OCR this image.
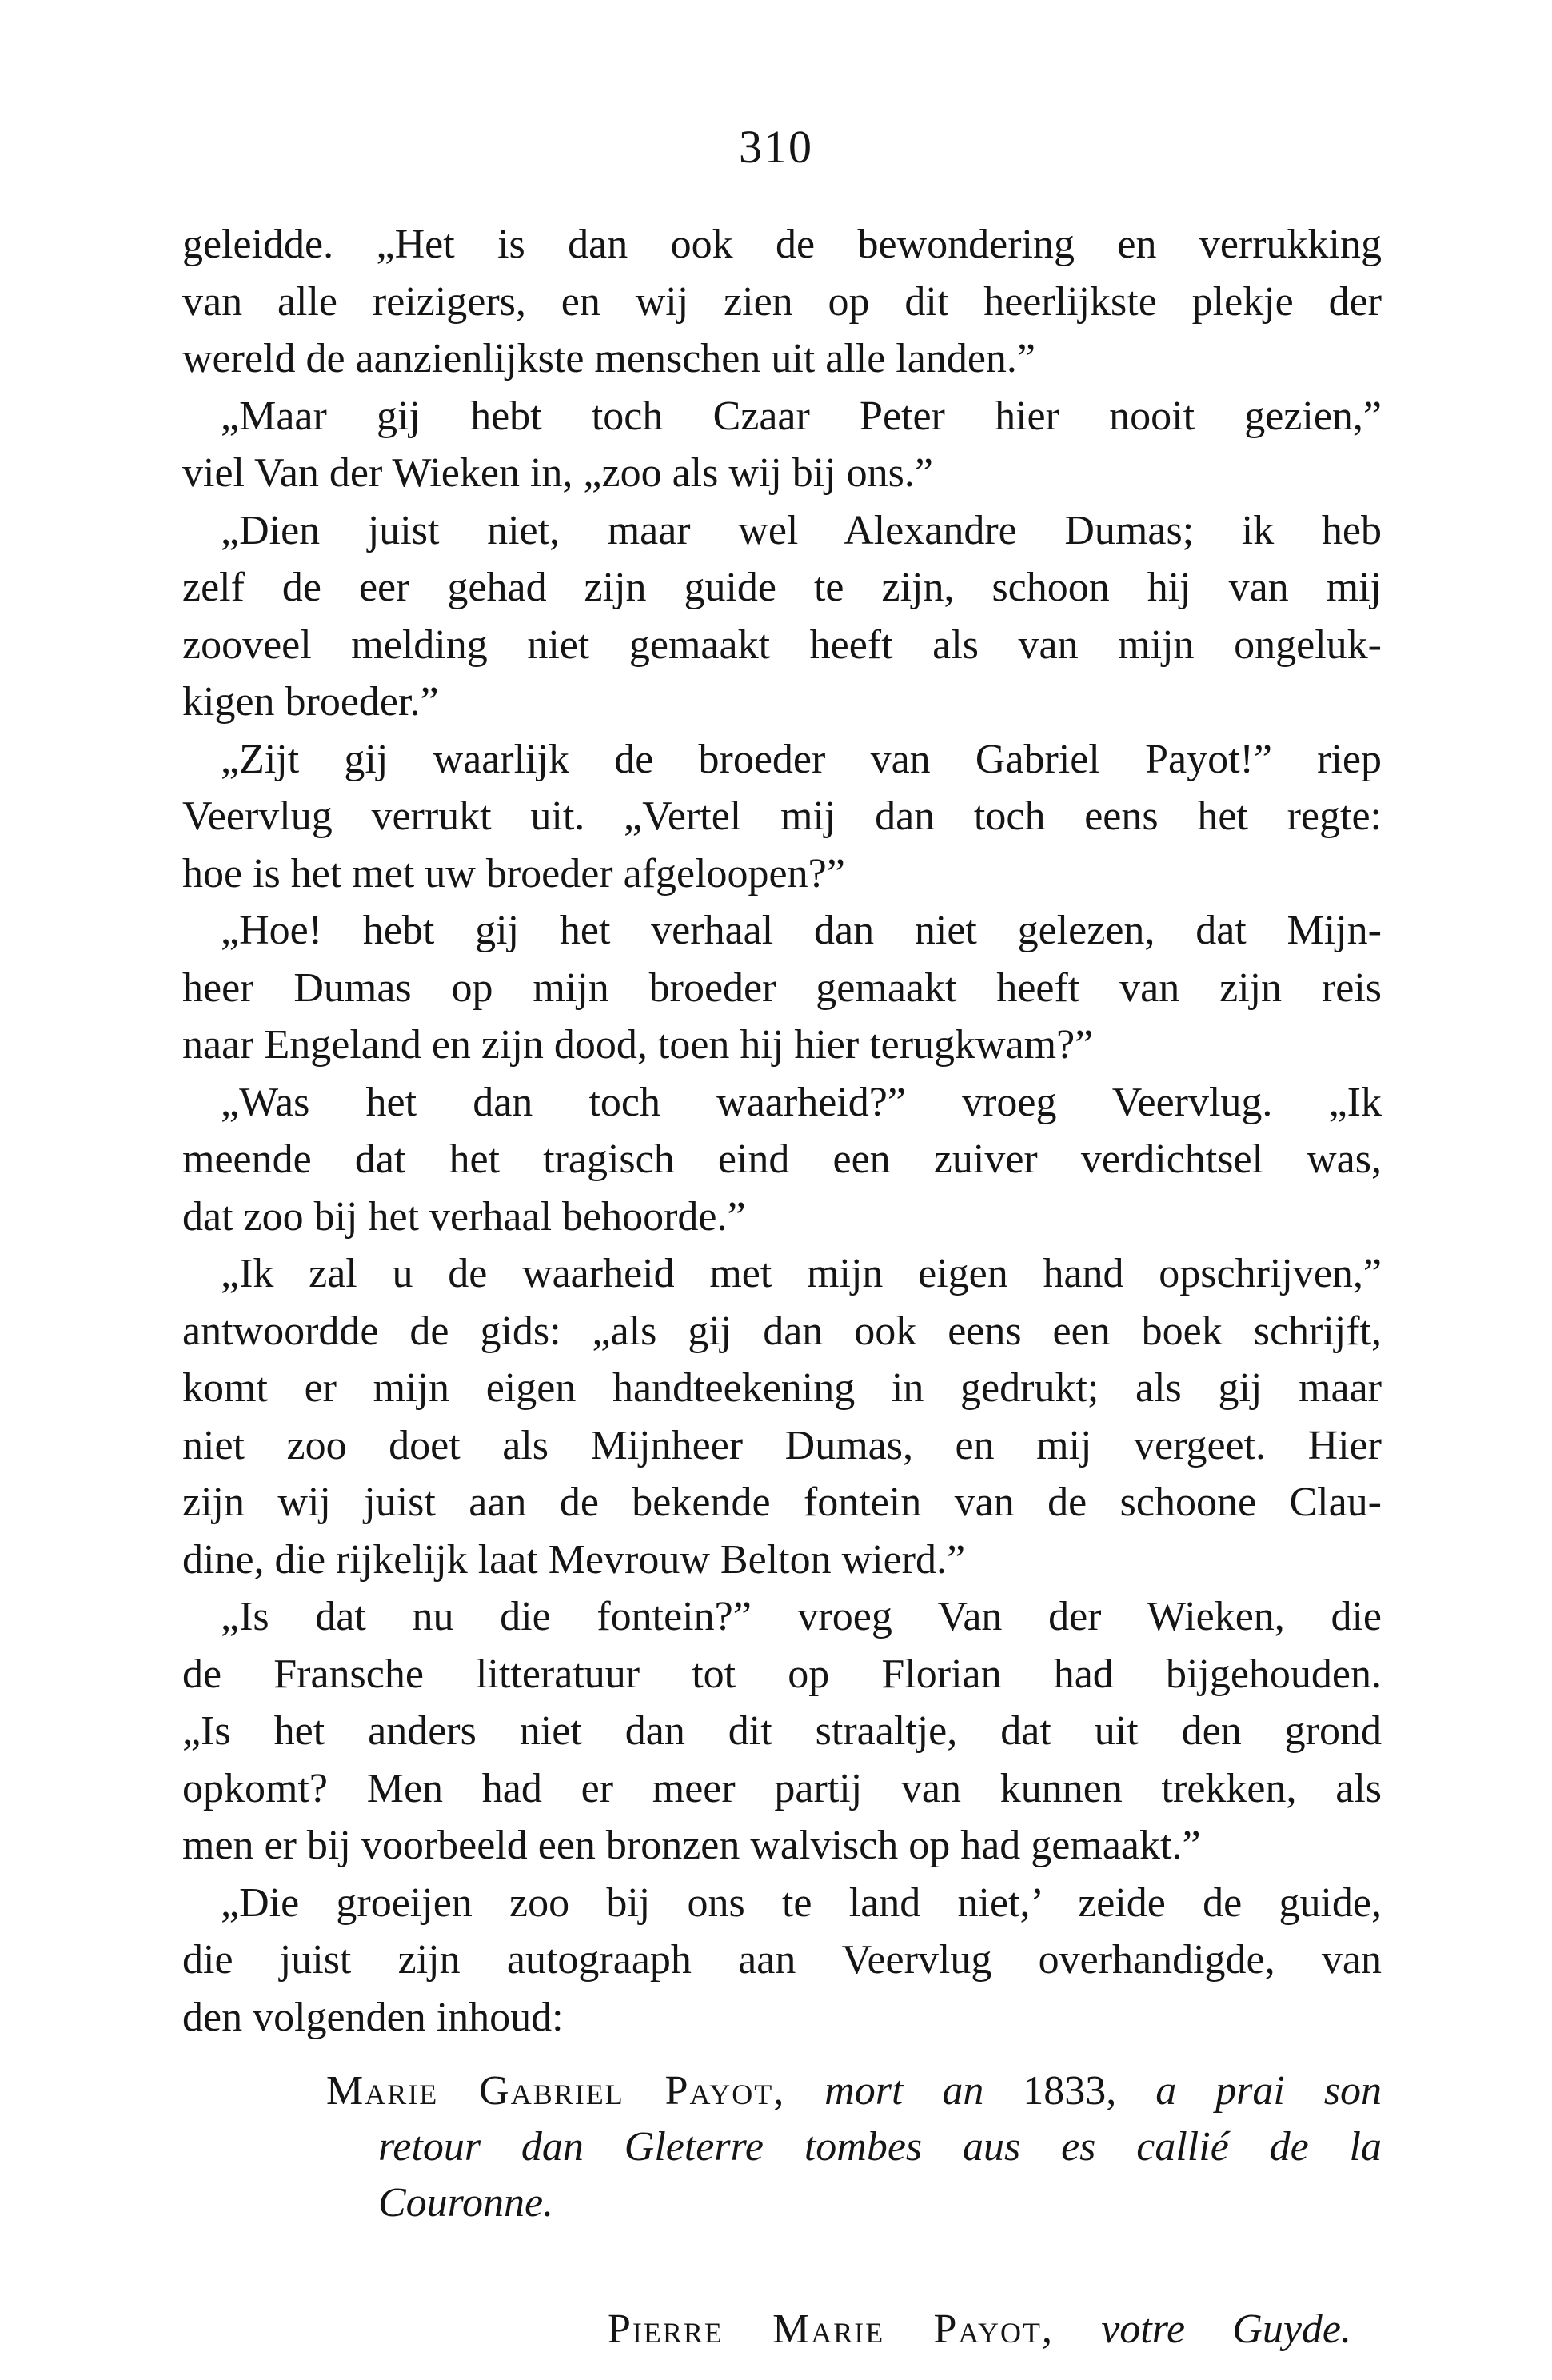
310
geleidde. „Het is dan ook de bewondering en verrukking
van alle reizigers, en wij zien op dit heerlijkste plekje der
wereld de aanzienlijkste menschen uit alle landen.”
„Maar gij hebt toch Czaar Peter hier nooit gezien,”
viel Van der Wieken in, „zoo als wij bij ons.”
„Dien juist niet, maar wel Alexandre Dumas; ik heb
zelf de eer gehad zijn guide te zijn, schoon hij van mij
zooveel melding niet gemaakt heeft als van mijn ongeluk-
kigen broeder.”
„Zijt gij waarlijk de broeder van Gabriel Payot!” riep
Veervlug verrukt uit. „Vertel mij dan toch eens het regte:
hoe is het met uw broeder afgeloopen?”
„Hoe! hebt gij het verhaal dan niet gelezen, dat Mijn-
heer Dumas op mijn broeder gemaakt heeft van zijn reis
naar Engeland en zijn dood, toen hij hier terugkwam?”
„Was het dan toch waarheid?” vroeg Veervlug. „Ik
meende dat het tragisch eind een zuiver verdichtsel was,
dat zoo bij het verhaal behoorde.”
„Ik zal u de waarheid met mijn eigen hand opschrijven,”
antwoordde de gids: „als gij dan ook eens een boek schrijft,
komt er mijn eigen handteekening in gedrukt; als gij maar
niet zoo doet als Mijnheer Dumas, en mij vergeet. Hier
zijn wij juist aan de bekende fontein van de schoone Clau-
dine, die rijkelijk laat Mevrouw Belton wierd.”
„Is dat nu die fontein?” vroeg Van der Wieken, die
de Fransche litteratuur tot op Florian had bijgehouden.
„Is het anders niet dan dit straaltje, dat uit den grond
opkomt? Men had er meer partij van kunnen trekken, als
men er bij voorbeeld een bronzen walvisch op had gemaakt.”
„Die groeijen zoo bij ons te land niet,’ zeide de guide,
die juist zijn autograaph aan Veervlug overhandigde, van
den volgenden inhoud:
Marie Gabriel Payot, mort an 1833, a prai son
retour dan Gleterre tombes aus es callié de la
Couronne.
Pierre Marie Payot, votre Guyde.
